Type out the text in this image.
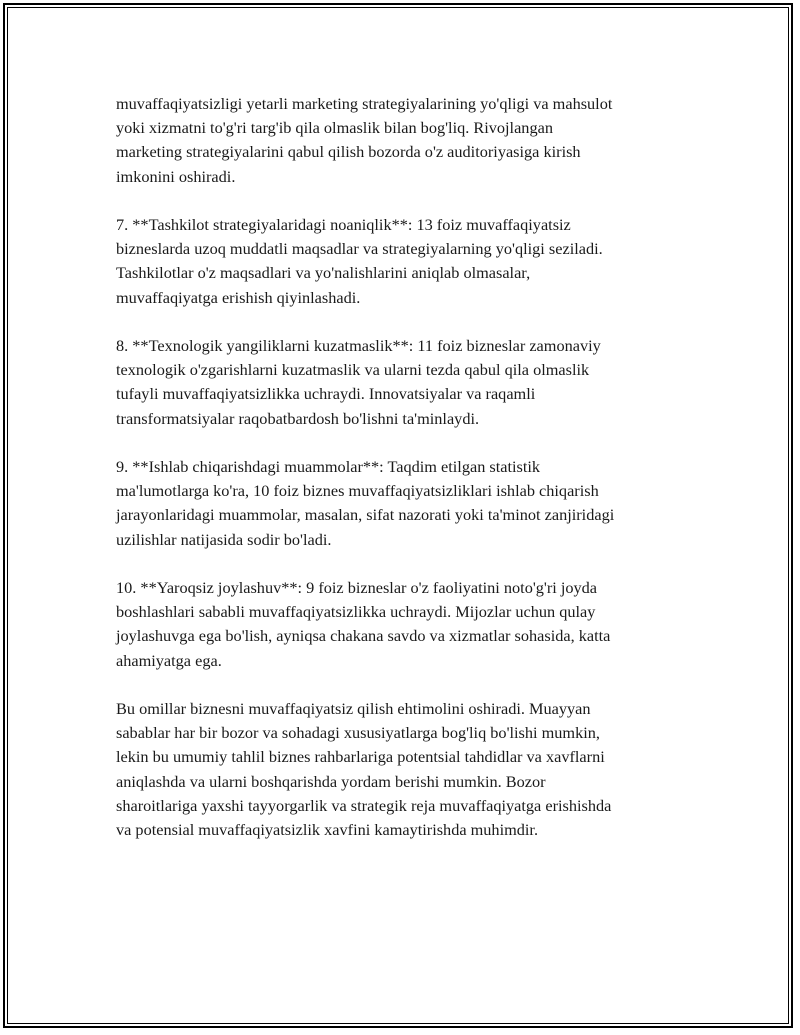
muvaffaqiyatsizligi yetarli marketing strategiyalarining yo'qligi va mahsulot
yoki xizmatni to'g'ri targ'ib qila olmaslik bilan bog'liq. Rivojlangan
marketing strategiyalarini qabul qilish bozorda o'z auditoriyasiga kirish
imkonini oshiradi.

7. **Tashkilot strategiyalaridagi noaniqlik**: 13 foiz muvaffaqiyatsiz
bizneslarda uzoq muddatli maqsadlar va strategiyalarning yo'qligi seziladi.
Tashkilotlar o'z maqsadlari va yo'nalishlarini aniqlab olmasalar,
muvaffaqiyatga erishish qiyinlashadi.

8. **Texnologik yangiliklarni kuzatmaslik**: 11 foiz bizneslar zamonaviy
texnologik o'zgarishlarni kuzatmaslik va ularni tezda qabul qila olmaslik
tufayli muvaffaqiyatsizlikka uchraydi. Innovatsiyalar va raqamli
transformatsiyalar raqobatbardosh bo'lishni ta'minlaydi.

9. **Ishlab chiqarishdagi muammolar**: Taqdim etilgan statistik
ma'lumotlarga ko'ra, 10 foiz biznes muvaffaqiyatsizliklari ishlab chiqarish
jarayonlaridagi muammolar, masalan, sifat nazorati yoki ta'minot zanjiridagi
uzilishlar natijasida sodir bo'ladi.

10. **Yaroqsiz joylashuv**: 9 foiz bizneslar o'z faoliyatini noto'g'ri joyda
boshlashlari sababli muvaffaqiyatsizlikka uchraydi. Mijozlar uchun qulay
joylashuvga ega bo'lish, ayniqsa chakana savdo va xizmatlar sohasida, katta
ahamiyatga ega.

Bu omillar biznesni muvaffaqiyatsiz qilish ehtimolini oshiradi. Muayyan
sabablar har bir bozor va sohadagi xususiyatlarga bog'liq bo'lishi mumkin,
lekin bu umumiy tahlil biznes rahbarlariga potentsial tahdidlar va xavflarni
aniqlashda va ularni boshqarishda yordam berishi mumkin. Bozor
sharoitlariga yaxshi tayyorgarlik va strategik reja muvaffaqiyatga erishishda
va potensial muvaffaqiyatsizlik xavfini kamaytirishda muhimdir.
